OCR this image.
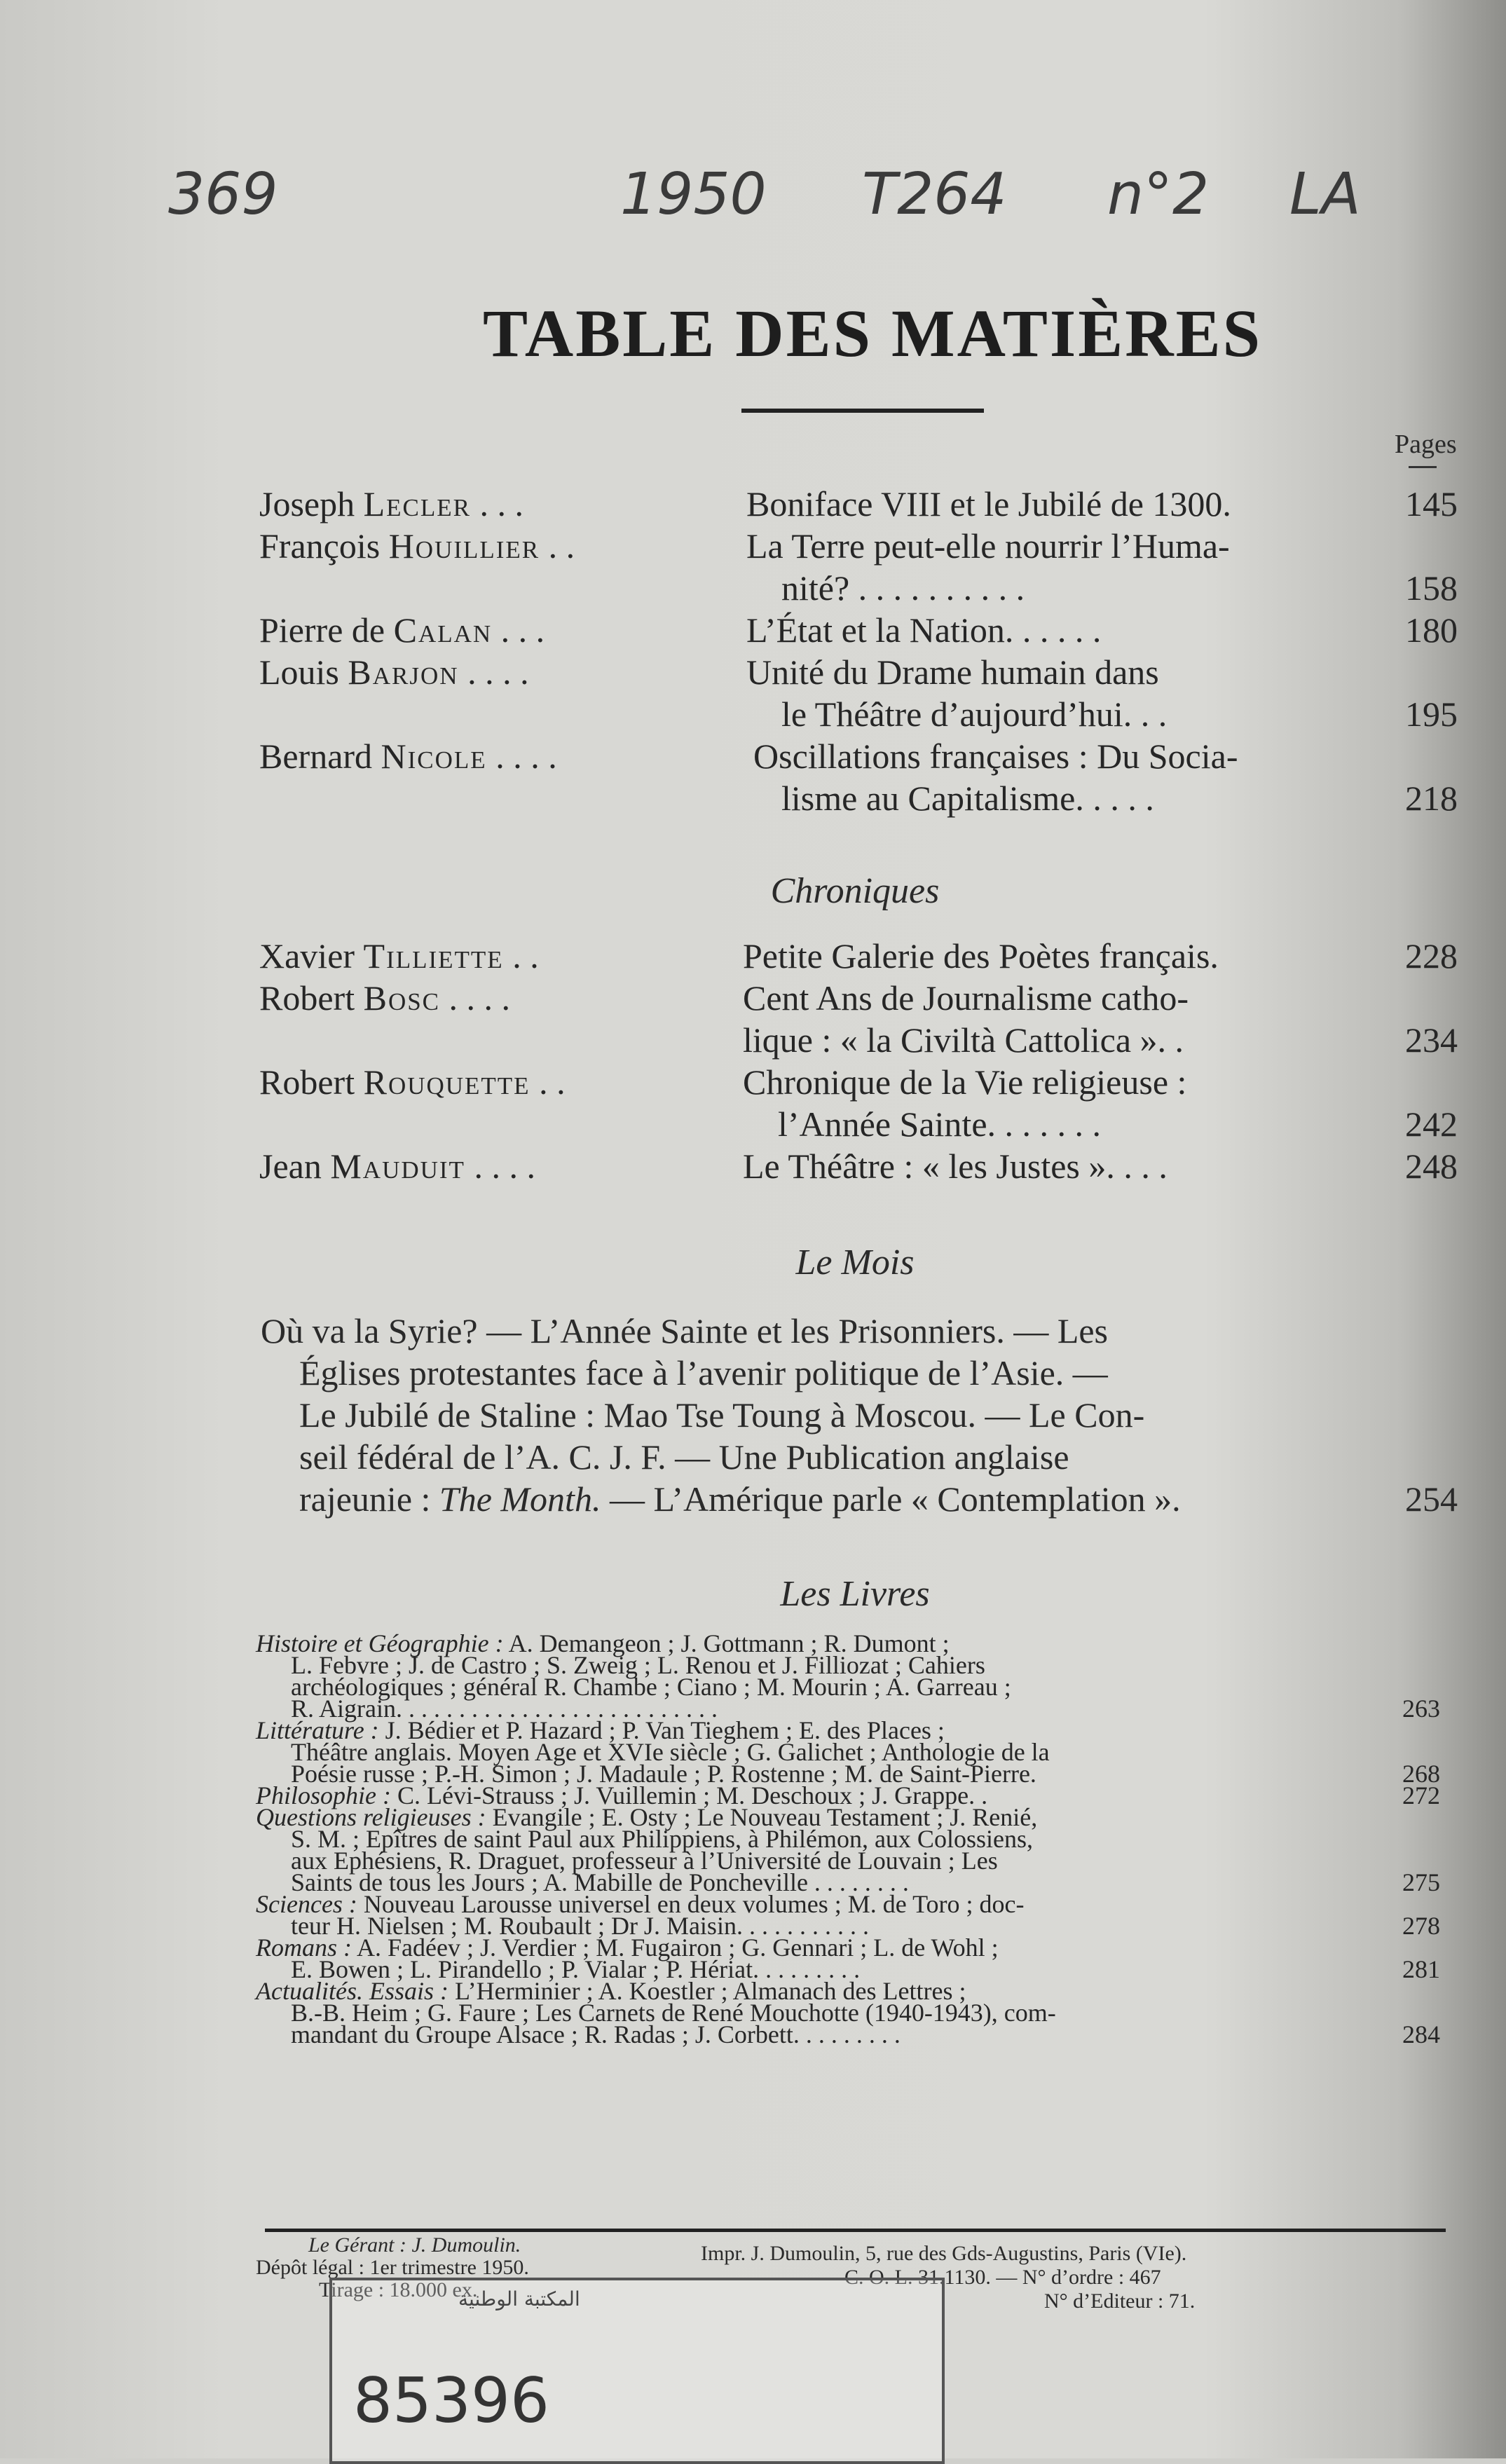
369	1950 T264 n°2 LA
TABLE DES MATIÈRES
Pages
Joseph Lecler . . .	Boniface VIII et le Jubilé de 1300.	145
François Houillier . .	La Terre peut-elle nourrir l’Huma-
nité? . . . . . . . . . .	158
Pierre de Calan . . .	L’État et la Nation. . . . . .	180
Louis Barjon . . . .	Unité du Drame humain dans
le Théâtre d’aujourd’hui. . .	195
Bernard Nicole . . . .	Oscillations françaises : Du Socia-
lisme au Capitalisme. . . . .	218
Chroniques
Xavier Tilliette . .	Petite Galerie des Poètes français.	228
Robert Bosc . . . .	Cent Ans de Journalisme catho-
lique : « la Civiltà Cattolica ». .	234
Robert Rouquette . .	Chronique de la Vie religieuse :
l’Année Sainte. . . . . . .	242
Jean Mauduit . . . .	Le Théâtre : « les Justes ». . . .	248
Le Mois
Où va la Syrie? — L’Année Sainte et les Prisonniers. — Les
Églises protestantes face à l’avenir politique de l’Asie. —
Le Jubilé de Staline : Mao Tse Toung à Moscou. — Le Con-
seil fédéral de l’A. C. J. F. — Une Publication anglaise
rajeunie : The Month. — L’Amérique parle « Contemplation ».	254
Les Livres
Histoire et Géographie : A. Demangeon ; J. Gottmann ; R. Dumont ;
L. Febvre ; J. de Castro ; S. Zweig ; L. Renou et J. Filliozat ; Cahiers
archéologiques ; général R. Chambe ; Ciano ; M. Mourin ; A. Garreau ;
R. Aigrain. . . . . . . . . . . . . . . . . . . . . . . . . .	263
Littérature : J. Bédier et P. Hazard ; P. Van Tieghem ; E. des Places ;
Théâtre anglais. Moyen Age et XVIe siècle ; G. Galichet ; Anthologie de la
Poésie russe ; P.-H. Simon ; J. Madaule ; P. Rostenne ; M. de Saint-Pierre.	268
Philosophie : C. Lévi-Strauss ; J. Vuillemin ; M. Deschoux ; J. Grappe. .	272
Questions religieuses : Evangile ; E. Osty ; Le Nouveau Testament ; J. Renié,
S. M. ; Epîtres de saint Paul aux Philippiens, à Philémon, aux Colossiens,
aux Ephésiens, R. Draguet, professeur à l’Université de Louvain ; Les
Saints de tous les Jours ; A. Mabille de Poncheville . . . . . . . .	275
Sciences : Nouveau Larousse universel en deux volumes ; M. de Toro ; doc-
teur H. Nielsen ; M. Roubault ; Dr J. Maisin. . . . . . . . . . .	278
Romans : A. Fadéev ; J. Verdier ; M. Fugairon ; G. Gennari ; L. de Wohl ;
E. Bowen ; L. Pirandello ; P. Vialar ; P. Hériat. . . . . . . . .	281
Actualités. Essais : L’Herminier ; A. Koestler ; Almanach des Lettres ;
B.-B. Heim ; G. Faure ; Les Carnets de René Mouchotte (1940-1943), com-
mandant du Groupe Alsace ; R. Radas ; J. Corbett. . . . . . . . .	284
Le Gérant : J. Dumoulin.
Dépôt légal : 1er trimestre 1950.
Tirage : 18.000 ex.
Impr. J. Dumoulin, 5, rue des Gds-Augustins, Paris (VIe).
C. O. L. 31.1130. — N° d’ordre : 467
N° d’Editeur : 71.
المكتبة الوطنية
85396
